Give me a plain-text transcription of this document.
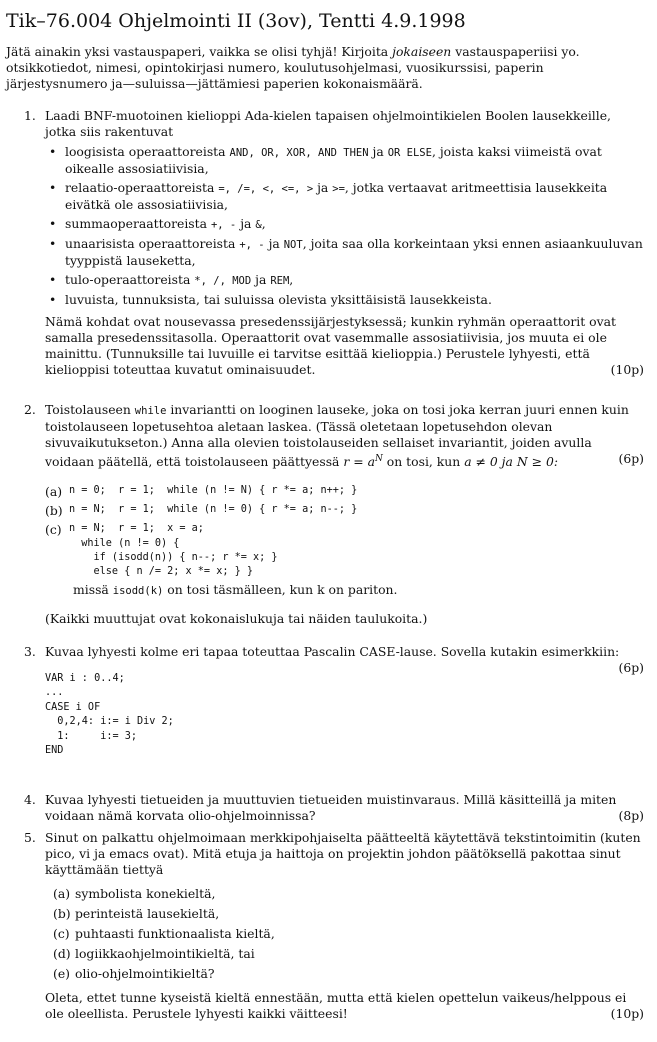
Tik–76.004 Ohjelmointi II (3ov), Tentti 4.9.1998
Jätä ainakin yksi vastauspaperi, vaikka se olisi tyhjä! Kirjoita jokaiseen vastauspaperiisi yo. otsikkotiedot, nimesi, opintokirjasi numero, koulutusohjelmasi, vuosikurssisi, paperin järjestysnumero ja—suluissa—jättämiesi paperien kokonaismäärä.
1. Laadi BNF-muotoinen kielioppi Ada-kielen tapaisen ohjelmointikielen Boolen lausekkeille, jotka siis rakentuvat
• loogisista operaattoreista AND, OR, XOR, AND THEN ja OR ELSE, joista kaksi viimeistä ovat oikealle assosiatiivisia,
• relaatio-operaattoreista =, /=, <, <=, > ja >=, jotka vertaavat aritmeettisia lausekkeita eivätkä ole assosiatiivisia,
• summaoperaattoreista +, - ja &,
• unaarisista operaattoreista +, - ja NOT, joita saa olla korkeintaan yksi ennen asiaankuuluvan tyyppistä lauseketta,
• tulo-operaattoreista *, /, MOD ja REM,
• luvuista, tunnuksista, tai suluissa olevista yksittäisistä lausekkeista.
Nämä kohdat ovat nousevassa presedenssijärjestyksessä; kunkin ryhmän operaattorit ovat samalla presedenssitasolla. Operaattorit ovat vasemmalle assosiatiivisia, jos muuta ei ole mainittu. (Tunnuksille tai luvuille ei tarvitse esittää kielioppia.) Perustele lyhyesti, että kielioppisi toteuttaa kuvatut ominaisuudet.	(10p)
2. Toistolauseen while invariantti on looginen lauseke, joka on tosi joka kerran juuri ennen kuin toistolauseen lopetusehtoa aletaan laskea. (Tässä oletetaan lopetusehdon olevan sivuvaikutukseton.) Anna alla olevien toistolauseiden sellaiset invariantit, joiden avulla voidaan päätellä, että toistolauseen päättyessä $r = a^N$ on tosi, kun a ≠ 0 ja N ≥ 0:	(6p)
(a) n = 0;  r = 1;  while (n != N) { r *= a; n++; }
(b) n = N;  r = 1;  while (n != 0) { r *= a; n--; }
(c) n = N;  r = 1;  x = a;
while (n != 0) {
if (isodd(n)) { n--; r *= x; }
else { n /= 2; x *= x; } }
missä isodd(k) on tosi täsmälleen, kun k on pariton.
(Kaikki muuttujat ovat kokonaislukuja tai näiden taulukoita.)
3. Kuvaa lyhyesti kolme eri tapaa toteuttaa Pascalin CASE-lause. Sovella kutakin esimerkkiin:
(6p)
VAR i : 0..4;
...
CASE i OF
0,2,4: i:= i Div 2;
1:     i:= 3;
END
4. Kuvaa lyhyesti tietueiden ja muuttuvien tietueiden muistinvaraus. Millä käsitteillä ja miten voidaan nämä korvata olio-ohjelmoinnissa?	(8p)
5. Sinut on palkattu ohjelmoimaan merkkipohjaiselta päätteeltä käytettävä tekstintoimitin (kuten pico, vi ja emacs ovat). Mitä etuja ja haittoja on projektin johdon päätöksellä pakottaa sinut käyttämään tiettyä
(a) symbolista konekieltä,
(b) perinteistä lausekieltä,
(c) puhtaasti funktionaalista kieltä,
(d) logiikkaohjelmointikieltä, tai
(e) olio-ohjelmointikieltä?
Oleta, ettet tunne kyseistä kieltä ennestään, mutta että kielen opettelun vaikeus/helppous ei ole oleellista. Perustele lyhyesti kaikki väitteesi!	(10p)
